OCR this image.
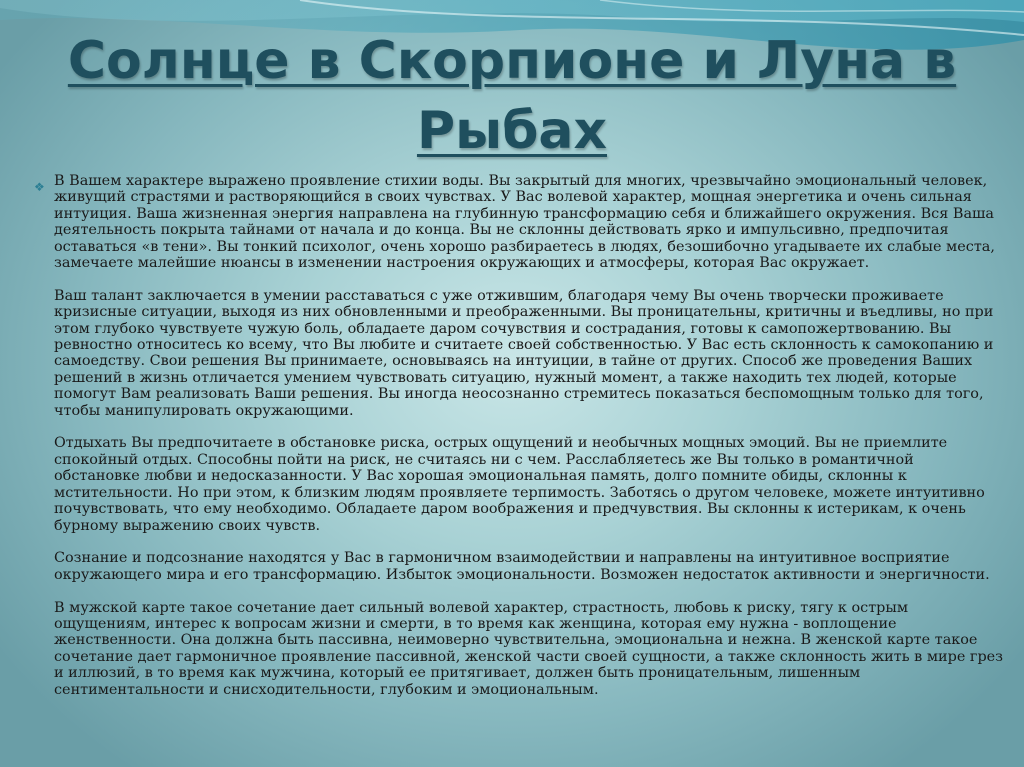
Солнце в Скорпионе и Луна в Рыбах
❖ В Вашем характере выражено проявление стихии воды. Вы закрытый для многих, чрезвычайно эмоциональный человек, живущий страстями и растворяющийся в своих чувствах. У Вас волевой характер, мощная энергетика и очень сильная интуиция. Ваша жизненная энергия направлена на глубинную трансформацию себя и ближайшего окружения. Вся Ваша деятельность покрыта тайнами от начала и до конца. Вы не склонны действовать ярко и импульсивно, предпочитая оставаться «в тени». Вы тонкий психолог, очень хорошо разбираетесь в людях, безошибочно угадываете их слабые места, замечаете малейшие нюансы в изменении настроения окружающих и атмосферы, которая Вас окружает.

Ваш талант заключается в умении расставаться с уже отжившим, благодаря чему Вы очень творчески проживаете кризисные ситуации, выходя из них обновленными и преображенными. Вы проницательны, критичны и въедливы, но при этом глубоко чувствуете чужую боль, обладаете даром сочувствия и сострадания, готовы к самопожертвованию. Вы ревностно относитесь ко всему, что Вы любите и считаете своей собственностью. У Вас есть склонность к самокопанию и самоедству. Свои решения Вы принимаете, основываясь на интуиции, в тайне от других. Способ же проведения Ваших решений в жизнь отличается умением чувствовать ситуацию, нужный момент, а также находить тех людей, которые помогут Вам реализовать Ваши решения. Вы иногда неосознанно стремитесь показаться беспомощным только для того, чтобы манипулировать окружающими.

Отдыхать Вы предпочитаете в обстановке риска, острых ощущений и необычных мощных эмоций. Вы не приемлите спокойный отдых. Способны пойти на риск, не считаясь ни с чем. Расслабляетесь же Вы только в романтичной обстановке любви и недосказанности. У Вас хорошая эмоциональная память, долго помните обиды, склонны к мстительности. Но при этом, к близким людям проявляете терпимость. Заботясь о другом человеке, можете интуитивно почувствовать, что ему необходимо. Обладаете даром воображения и предчувствия. Вы склонны к истерикам, к очень бурному выражению своих чувств.

Сознание и подсознание находятся у Вас в гармоничном взаимодействии и направлены на интуитивное восприятие окружающего мира и его трансформацию. Избыток эмоциональности. Возможен недостаток активности и энергичности.

В мужской карте такое сочетание дает сильный волевой характер, страстность, любовь к риску, тягу к острым ощущениям, интерес к вопросам жизни и смерти, в то время как женщина, которая ему нужна - воплощение женственности. Она должна быть пассивна, неимоверно чувствительна, эмоциональна и нежна. В женской карте такое сочетание дает гармоничное проявление пассивной, женской части своей сущности, а также склонность жить в мире грез и иллюзий, в то время как мужчина, который ее притягивает, должен быть проницательным, лишенным сентиментальности и снисходительности, глубоким и эмоциональным.
